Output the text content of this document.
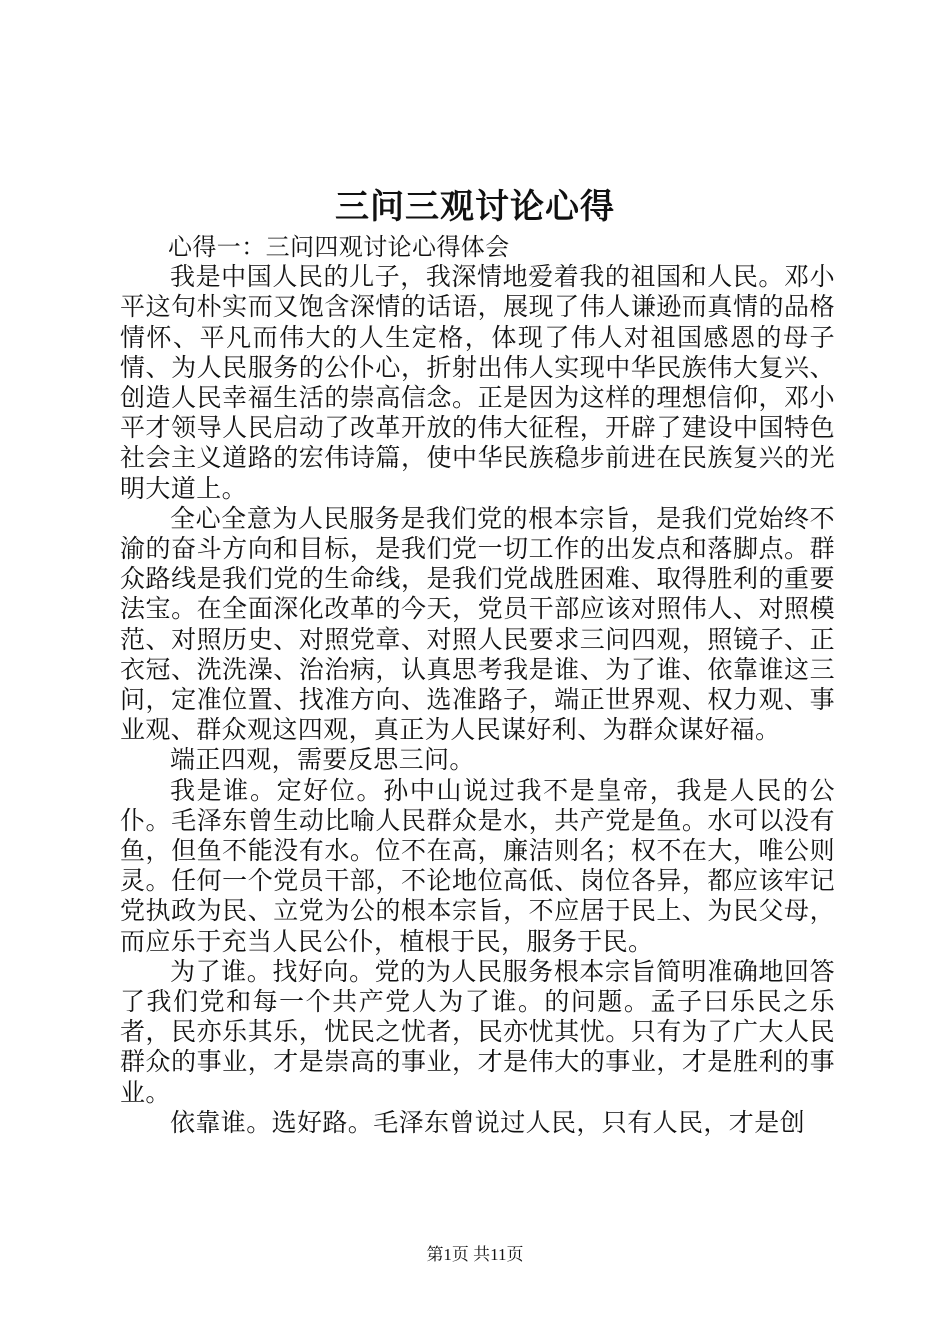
三问三观讨论心得

心得一：三问四观讨论心得体会

我是中国人民的儿子，我深情地爱着我的祖国和人民。邓小平这句朴实而又饱含深情的话语，展现了伟人谦逊而真情的品格情怀、平凡而伟大的人生定格，体现了伟人对祖国感恩的母子情、为人民服务的公仆心，折射出伟人实现中华民族伟大复兴、创造人民幸福生活的崇高信念。正是因为这样的理想信仰，邓小平才领导人民启动了改革开放的伟大征程，开辟了建设中国特色社会主义道路的宏伟诗篇，使中华民族稳步前进在民族复兴的光明大道上。

全心全意为人民服务是我们党的根本宗旨，是我们党始终不渝的奋斗方向和目标，是我们党一切工作的出发点和落脚点。群众路线是我们党的生命线，是我们党战胜困难、取得胜利的重要法宝。在全面深化改革的今天，党员干部应该对照伟人、对照模范、对照历史、对照党章、对照人民要求三问四观，照镜子、正衣冠、洗洗澡、治治病，认真思考我是谁、为了谁、依靠谁这三问，定准位置、找准方向、选准路子，端正世界观、权力观、事业观、群众观这四观，真正为人民谋好利、为群众谋好福。

端正四观，需要反思三问。

我是谁。定好位。孙中山说过我不是皇帝，我是人民的公仆。毛泽东曾生动比喻人民群众是水，共产党是鱼。水可以没有鱼，但鱼不能没有水。位不在高，廉洁则名；权不在大，唯公则灵。任何一个党员干部，不论地位高低、岗位各异，都应该牢记党执政为民、立党为公的根本宗旨，不应居于民上、为民父母，而应乐于充当人民公仆，植根于民，服务于民。

为了谁。找好向。党的为人民服务根本宗旨简明准确地回答了我们党和每一个共产党人为了谁。的问题。孟子曰乐民之乐者，民亦乐其乐，忧民之忧者，民亦忧其忧。只有为了广大人民群众的事业，才是崇高的事业，才是伟大的事业，才是胜利的事业。

依靠谁。选好路。毛泽东曾说过人民，只有人民，才是创

第1页 共11页
